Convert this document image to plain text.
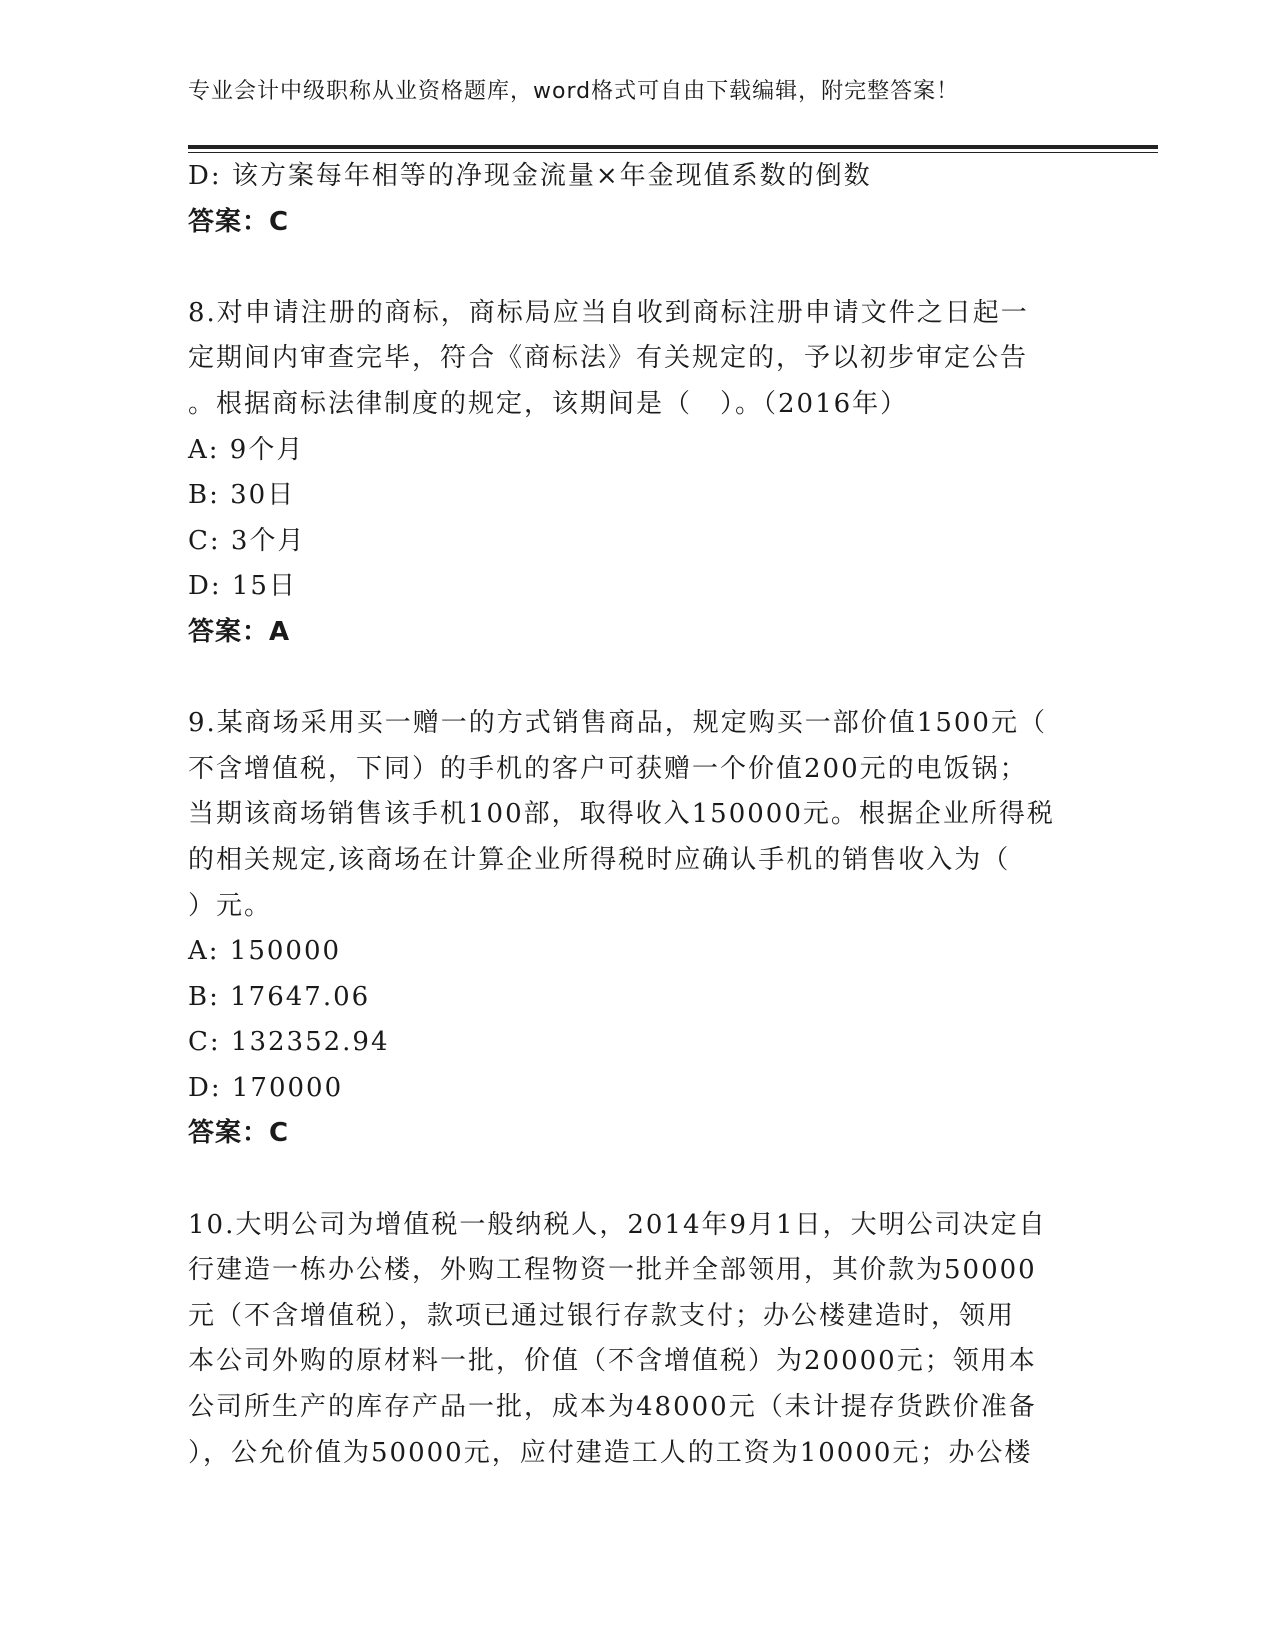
专业会计中级职称从业资格题库，word格式可自由下载编辑，附完整答案！
D: 该方案每年相等的净现金流量×年金现值系数的倒数
答案：C
8.对申请注册的商标，商标局应当自收到商标注册申请文件之日起一
定期间内审查完毕，符合《商标法》有关规定的，予以初步审定公告
。根据商标法律制度的规定，该期间是（　）。（2016年）
A: 9个月
B: 30日
C: 3个月
D: 15日
答案：A
9.某商场采用买一赠一的方式销售商品，规定购买一部价值1500元（
不含增值税，下同）的手机的客户可获赠一个价值200元的电饭锅；
当期该商场销售该手机100部，取得收入150000元。根据企业所得税
的相关规定,该商场在计算企业所得税时应确认手机的销售收入为（
）元。
A: 150000
B: 17647.06
C: 132352.94
D: 170000
答案：C
10.大明公司为增值税一般纳税人，2014年9月1日，大明公司决定自
行建造一栋办公楼，外购工程物资一批并全部领用，其价款为50000
元（不含增值税），款项已通过银行存款支付；办公楼建造时，领用
本公司外购的原材料一批，价值（不含增值税）为20000元；领用本
公司所生产的库存产品一批，成本为48000元（未计提存货跌价准备
），公允价值为50000元，应付建造工人的工资为10000元；办公楼
